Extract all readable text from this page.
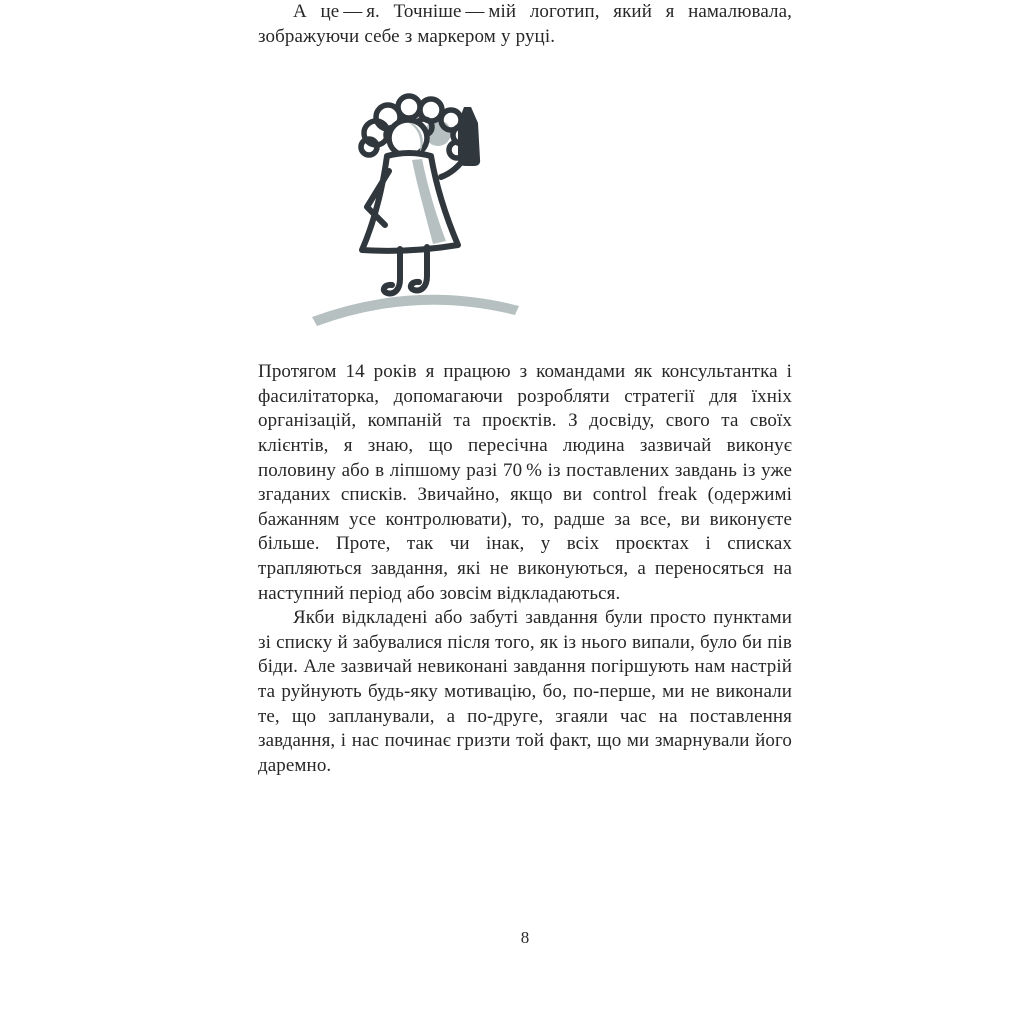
А це — я. Точніше — мій логотип, який я намалювала, зображуючи себе з маркером у руці.

Протягом 14 років я працюю з командами як консультантка і фасилітаторка, допомагаючи розробляти стратегії для їхніх організацій, компаній та проєктів. З досвіду, свого та своїх клієнтів, я знаю, що пересічна людина зазвичай виконує половину або в ліпшому разі 70 % із поставлених завдань із уже згаданих списків. Звичайно, якщо ви control freak (одержимі бажанням усе контролювати), то, радше за все, ви виконуєте більше. Проте, так чи інак, у всіх проєктах і списках трапляються завдання, які не виконуються, а переносяться на наступний період або зовсім відкладаються.

Якби відкладені або забуті завдання були просто пунктами зі списку й забувалися після того, як із нього випали, було би пів біди. Але зазвичай невиконані завдання погіршують нам настрій та руйнують будь-яку мотивацію, бо, по-перше, ми не виконали те, що запланували, а по-друге, згаяли час на поставлення завдання, і нас починає гризти той факт, що ми змарнували його даремно.

8
